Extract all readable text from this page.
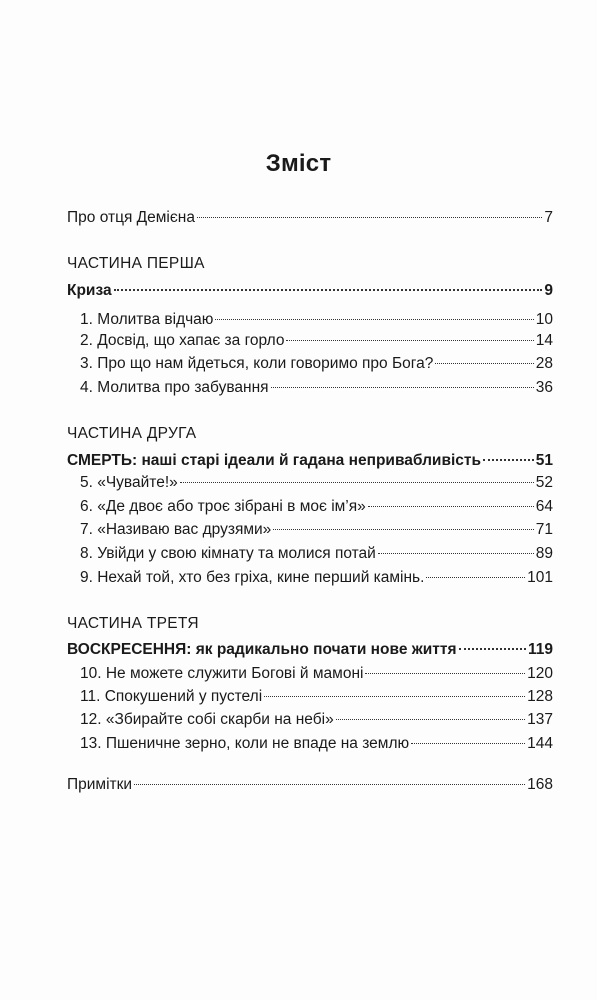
Зміст
Про отця Демієна	7
ЧАСТИНА ПЕРША
Криза	9
1. Молитва відчаю	10
2. Досвід, що хапає за горло	14
3. Про що нам йдеться, коли говоримо про Бога?	28
4. Молитва про забування	36
ЧАСТИНА ДРУГА
СМЕРТЬ: наші старі ідеали й гадана непривабливість	51
5. «Чувайте!»	52
6. «Де двоє або троє зібрані в моє ім’я»	64
7. «Називаю вас друзями»	71
8. Увійди у свою кімнату та молися потай	89
9. Нехай той, хто без гріха, кине перший камінь.	101
ЧАСТИНА ТРЕТЯ
ВОСКРЕСЕННЯ: як радикально почати нове життя	119
10. Не можете служити Богові й мамоні	120
11. Спокушений у пустелі	128
12. «Збирайте собі скарби на небі»	137
13. Пшеничне зерно, коли не впаде на землю	144
Примітки	168
